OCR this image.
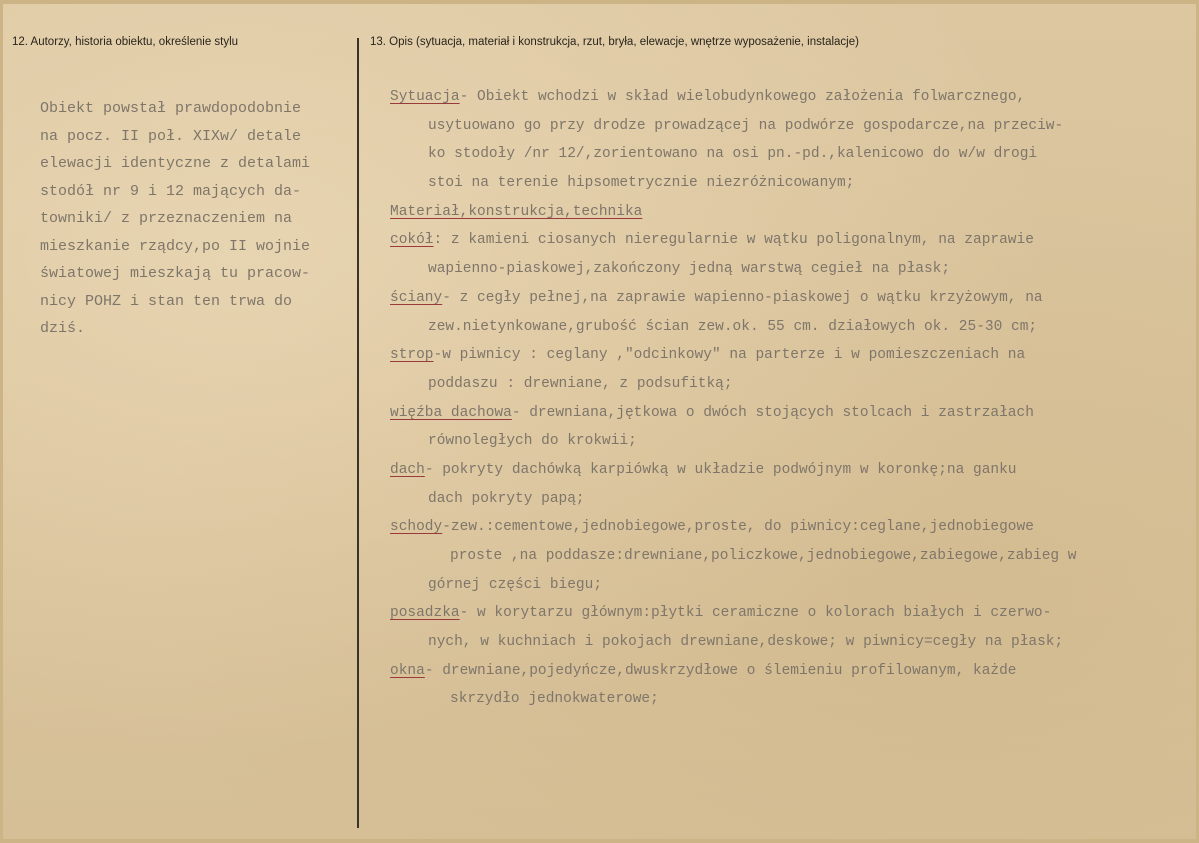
12. Autorzy, historia obiektu, określenie stylu	13. Opis (sytuacja, materiał i konstrukcja, rzut, bryła, elewacje, wnętrze wyposażenie, instalacje)
Obiekt powstał prawdopodobnie
na pocz. II poł. XIXw/ detale
elewacji identyczne z detalami
stodół nr 9 i 12 mających da-
towniki/ z przeznaczeniem na
mieszkanie rządcy,po II wojnie
światowej mieszkają tu pracow-
nicy POHZ i stan ten trwa do
dziś.
Sytuacja- Obiekt wchodzi w skład wielobudynkowego założenia folwarcznego,
usytuowano go przy drodze prowadzącej na podwórze gospodarcze,na przeciw-
ko stodoły /nr 12/,zorientowano na osi pn.-pd.,kalenicowo do w/w drogi
stoi na terenie hipsometrycznie niezróżnicowanym;
Materiał,konstrukcja,technika
cokół: z kamieni ciosanych nieregularnie w wątku poligonalnym, na zaprawie
wapienno-piaskowej,zakończony jedną warstwą cegieł na płask;
ściany- z cegły pełnej,na zaprawie wapienno-piaskowej o wątku krzyżowym, na
zew.nietynkowane,grubość ścian zew.ok. 55 cm. działowych ok. 25-30 cm;
strop-w piwnicy : ceglany ,"odcinkowy" na parterze i w pomieszczeniach na
poddaszu : drewniane, z podsufitką;
więźba dachowa- drewniana,jętkowa o dwóch stojących stolcach i zastrzałach
równoległych do krokwii;
dach- pokryty dachówką karpiówką w układzie podwójnym w koronkę;na ganku
dach pokryty papą;
schody-zew.:cementowe,jednobiegowe,proste, do piwnicy:ceglane,jednobiegowe
proste ,na poddasze:drewniane,policzkowe,jednobiegowe,zabiegowe,zabieg w
górnej części biegu;
posadzka- w korytarzu głównym:płytki ceramiczne o kolorach białych i czerwo-
nych, w kuchniach i pokojach drewniane,deskowe; w piwnicy=cegły na płask;
okna- drewniane,pojedyńcze,dwuskrzydłowe o ślemieniu profilowanym, każde
skrzydło jednokwaterowe;
